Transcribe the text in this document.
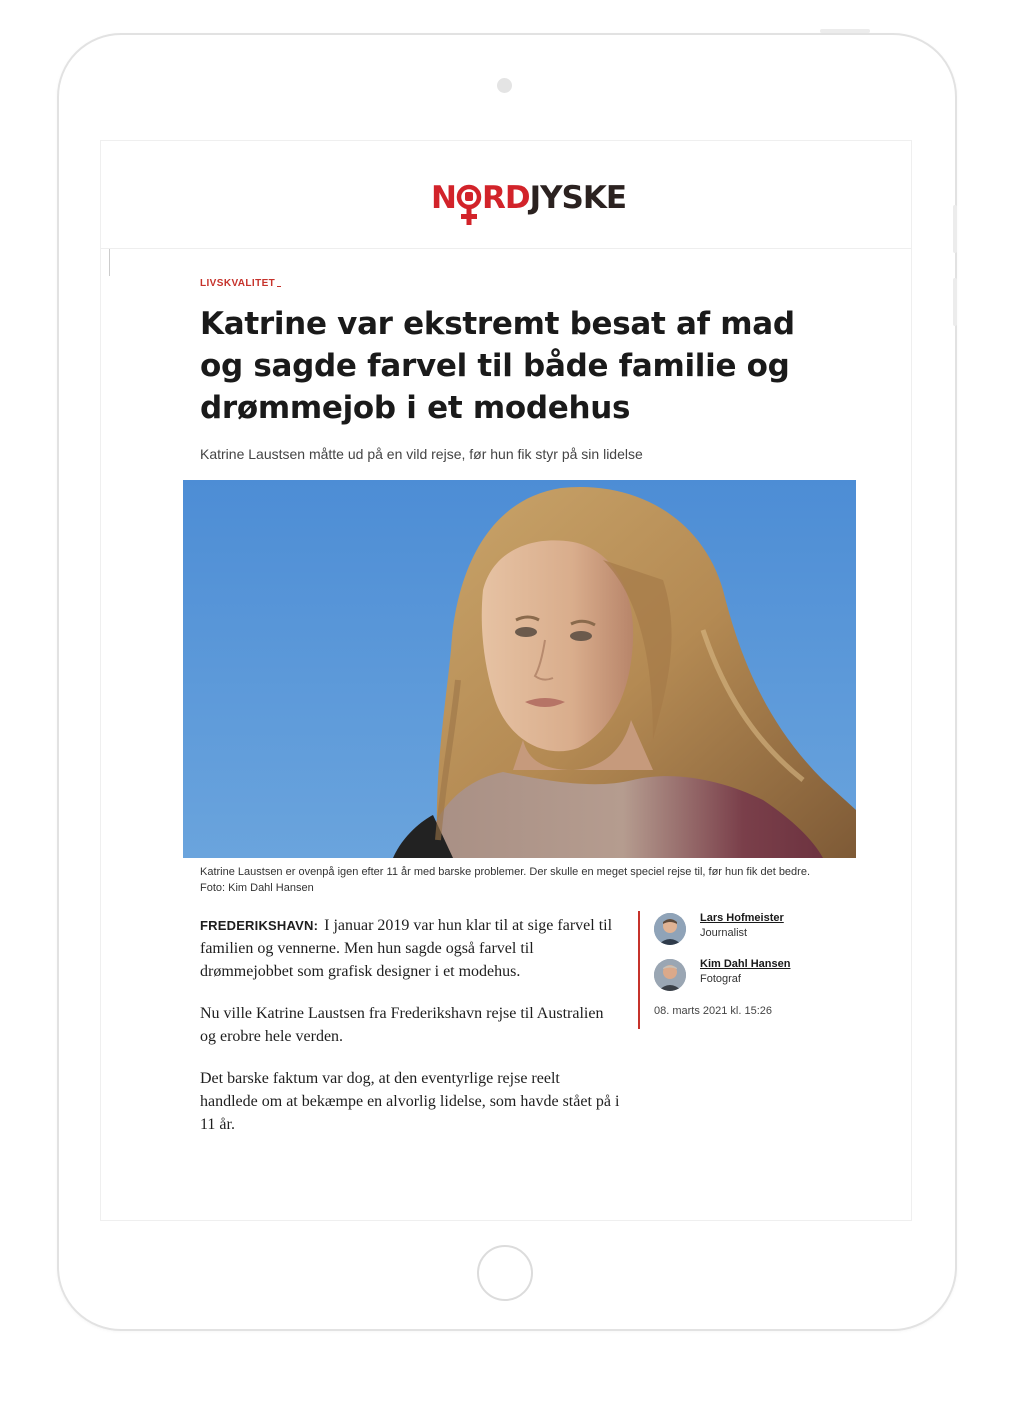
N RD JYSKE
LIVSKVALITET
Katrine var ekstremt besat af mad og sagde farvel til både familie og drømmejob i et modehus
Katrine Laustsen måtte ud på en vild rejse, før hun fik styr på sin lidelse
Katrine Laustsen er ovenpå igen efter 11 år med barske problemer. Der skulle en meget speciel rejse til, før hun fik det bedre. Foto: Kim Dahl Hansen

FREDERIKSHAVN: I januar 2019 var hun klar til at sige farvel til familien og vennerne. Men hun sagde også farvel til drømmejobbet som grafisk designer i et modehus.

Nu ville Katrine Laustsen fra Frederikshavn rejse til Australien og erobre hele verden.

Det barske faktum var dog, at den eventyrlige rejse reelt handlede om at bekæmpe en alvorlig lidelse, som havde stået på i 11 år.

Lars Hofmeister
Journalist
Kim Dahl Hansen
Fotograf
08. marts 2021 kl. 15:26
